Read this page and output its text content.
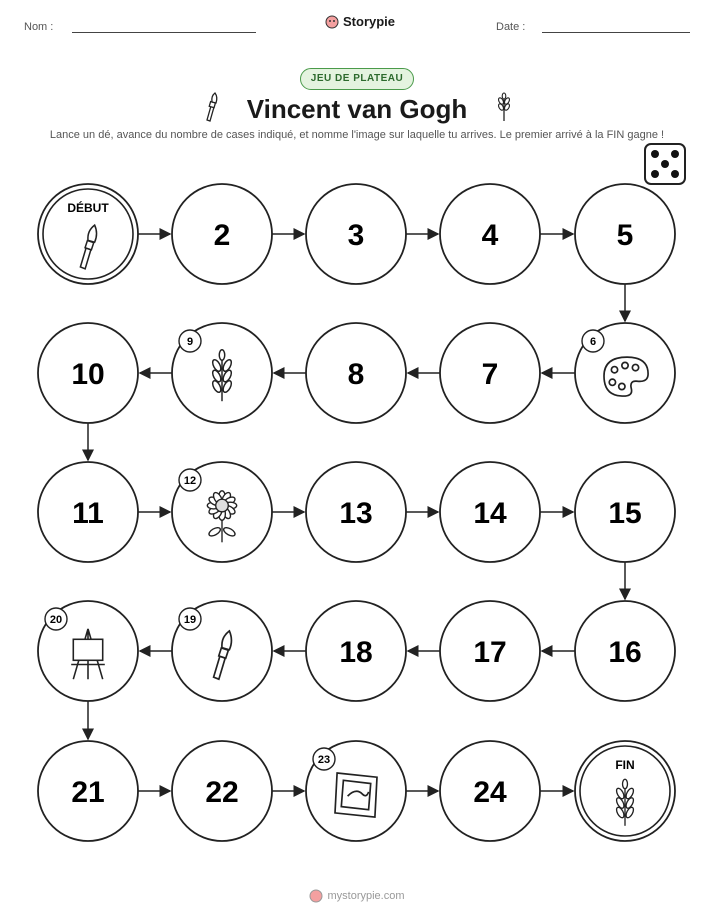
Nom :	Storypie	Date :
JEU DE PLATEAU
Vincent van Gogh
Lance un dé, avance du nombre de cases indiqué, et nomme l'image sur laquelle tu arrives. Le premier arrivé à la FIN gagne !
DÉBUT
2	3	4	5
6
7
8
9
10
11
12
13	14	15
16
17
18
19
20
21	22
23
24
FIN
mystorypie.com
